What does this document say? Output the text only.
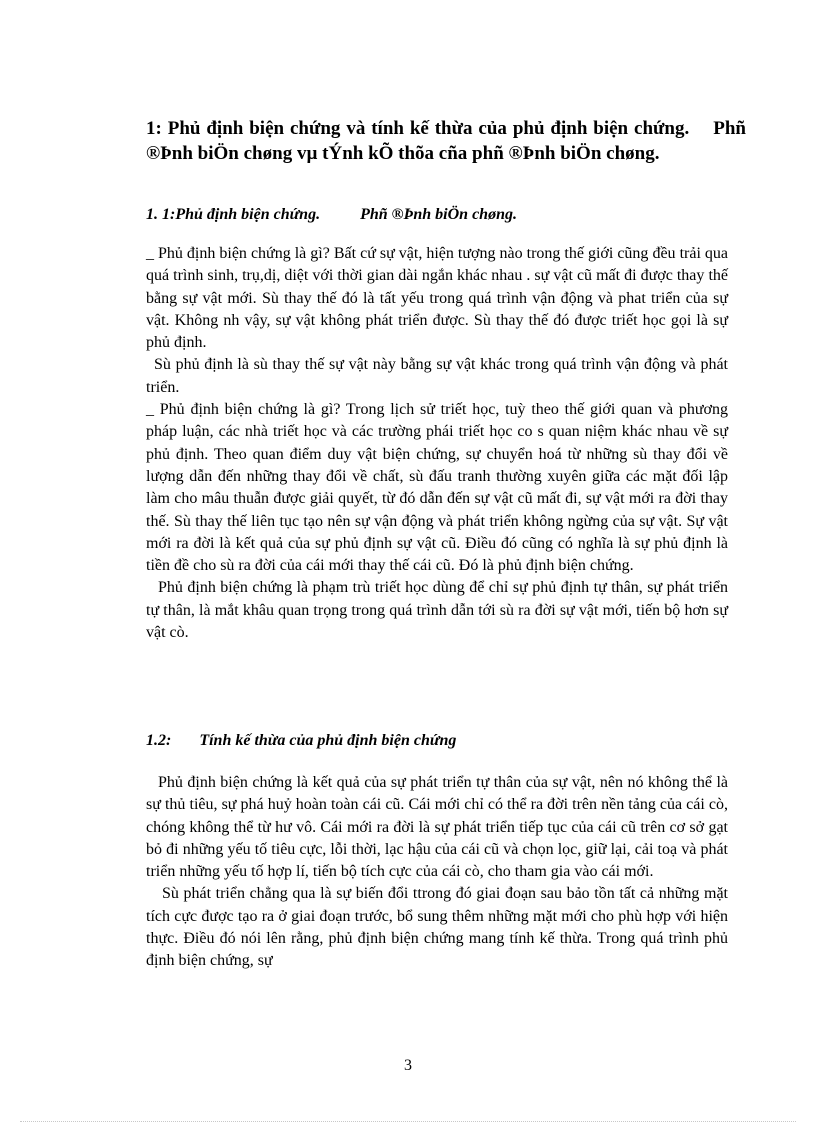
1: Phủ định biện chứng và tính kế thừa của phủ định biện chứng. Phñ ®Þnh biÖn chøng vµ tÝnh kÕ thõa cña phñ ®Þnh biÖn chøng.
1. 1:Phủ định biện chứng.	Phñ ®Þnh biÖn chøng.

_ Phủ định biện chứng là gì? Bất cứ sự vật, hiện tượng nào trong thế giới cũng đều trải qua quá trình sinh, trụ,dị, diệt với thời gian dài ngắn khác nhau . sự vật cũ mất đi được thay thế bằng sự vật mới. Sù thay thế đó là tất yếu trong quá trình vận động và phat triển của sự vật. Không nh vậy, sự vật không phát triển được. Sù thay thế đó được triết học gọi là sự phủ định.

Sù phủ định là sù thay thế sự vật này bằng sự vật khác trong quá trình vận động và phát triển.

_ Phủ định biện chứng là gì? Trong lịch sử triết học, tuỳ theo thế giới quan và phương pháp luận, các nhà triết học và các trường phái triết học co s quan niệm khác nhau về sự phủ định. Theo quan điểm duy vật biện chứng, sự chuyển hoá từ những sù thay đổi về lượng dẫn đến những thay đổi về chất, sù đấu tranh thường xuyên giữa các mặt đối lập làm cho mâu thuẫn được giải quyết, từ đó dẫn đến sự vật cũ mất đi, sự vật mới ra đời thay thế. Sù thay thế liên tục tạo nên sự vận động và phát triển không ngừng của sự vật. Sự vật mới ra đời là kết quả của sự phủ định sự vật cũ. Điều đó cũng có nghĩa là sự phủ định là tiền đề cho sù ra đời của cái mới thay thế cái cũ. Đó là phủ định biện chứng.

Phủ định biện chứng là phạm trù triết học dùng để chỉ sự phủ định tự thân, sự phát triển tự thân, là mắt khâu quan trọng trong quá trình dẫn tới sù ra đời sự vật mới, tiến bộ hơn sự vật cò.

1.2: Tính kế thừa của phủ định biện chứng

Phủ định biện chứng là kết quả của sự phát triển tự thân của sự vật, nên nó không thể là sự thủ tiêu, sự phá huỷ hoàn toàn cái cũ. Cái mới chỉ có thể ra đời trên nền tảng của cái cò, chóng không thể từ hư vô. Cái mới ra đời là sự phát triển tiếp tục của cái cũ trên cơ sở gạt bỏ đi những yếu tố tiêu cực, lỗi thời, lạc hậu của cái cũ và chọn lọc, giữ lại, cải toạ và phát triển những yếu tố hợp lí, tiến bộ tích cực của cái cò, cho tham gia vào cái mới.

Sù phát triển chẳng qua là sự biến đổi ttrong đó giai đoạn sau bảo tồn tất cả những mặt tích cực được tạo ra ở giai đoạn trước, bổ sung thêm những mặt mới cho phù hợp với hiện thực. Điều đó nói lên rằng, phủ định biện chứng mang tính kế thừa. Trong quá trình phủ định biện chứng, sự

3
